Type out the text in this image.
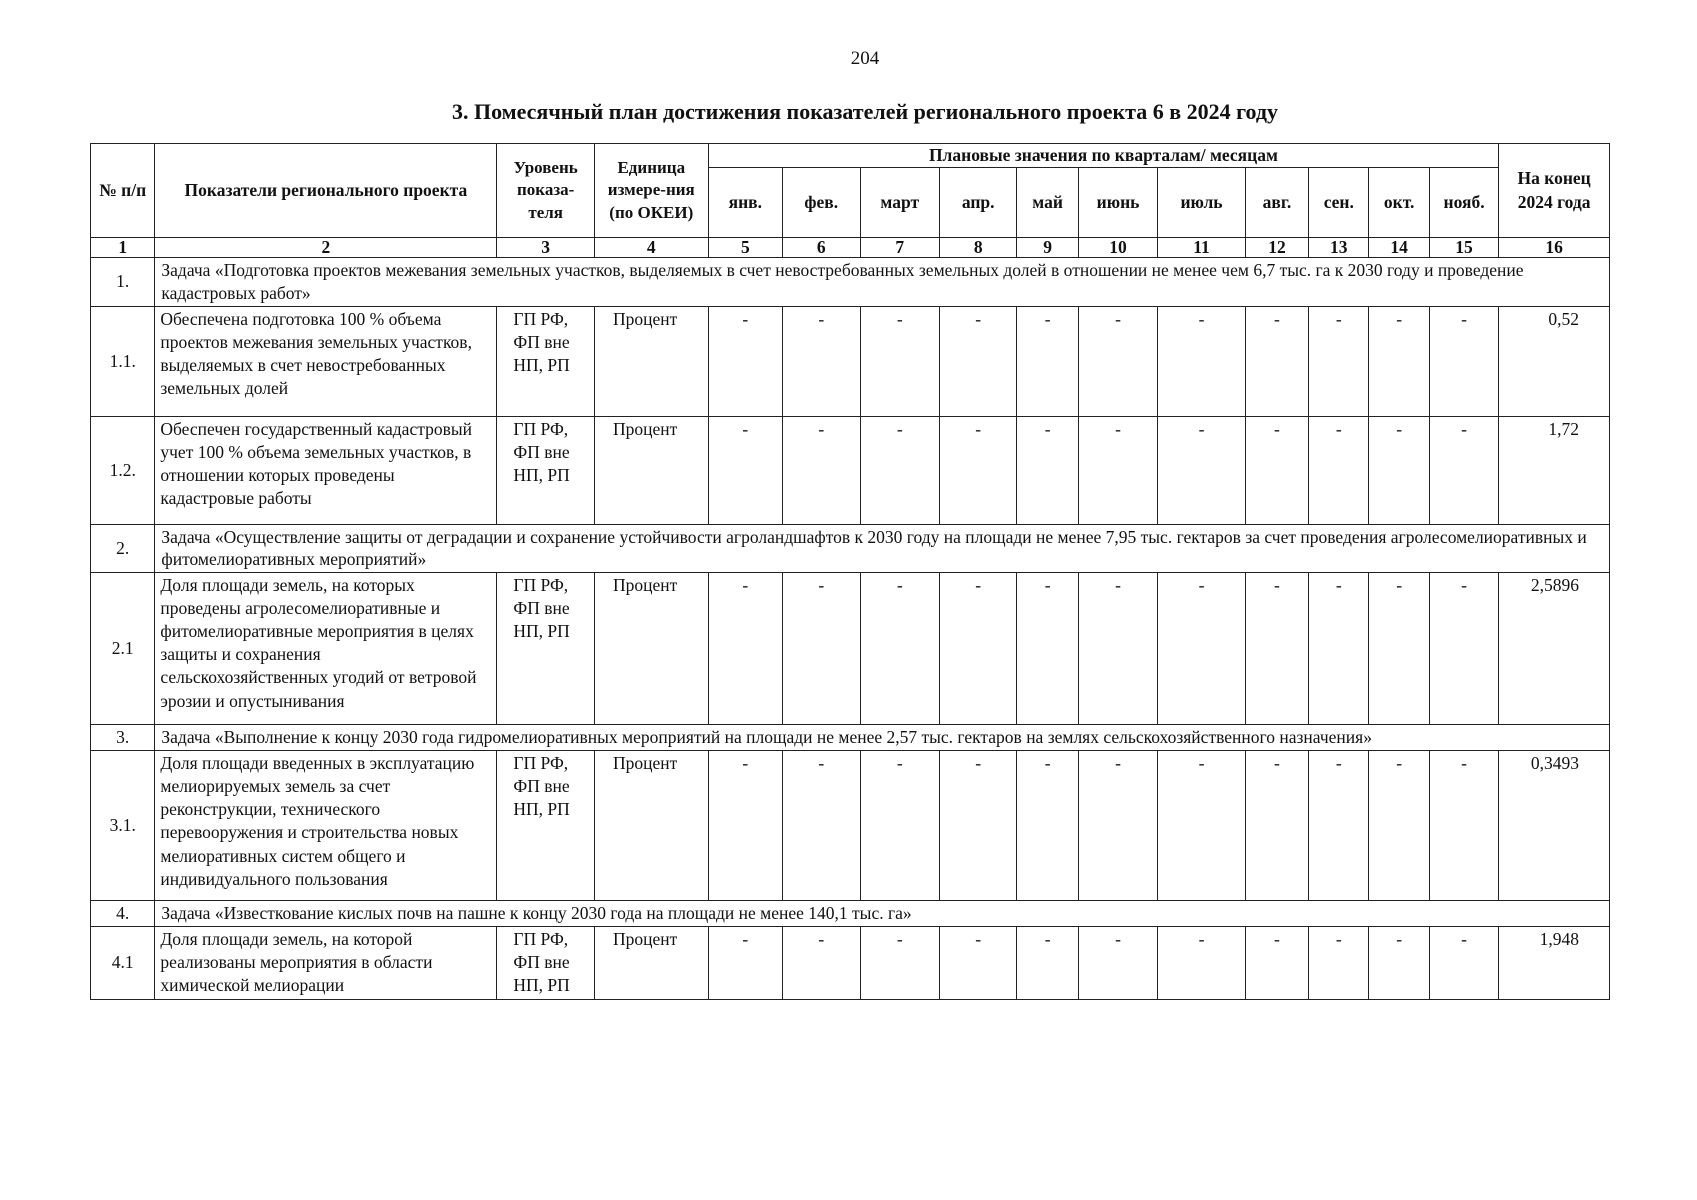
204
3. Помесячный план достижения показателей регионального проекта 6 в 2024 году
№ п/п	Показатели регионального проекта	Уровень показа-теля	Единица измере-ния (по ОКЕИ)	Плановые значения по кварталам/ месяцам											На конец 2024 года
				янв.	фев.	март	апр.	май	июнь	июль	авг.	сен.	окт.	нояб.	
1	2	3	4	5	6	7	8	9	10	11	12	13	14	15	16
1.	Задача «Подготовка проектов межевания земельных участков, выделяемых в счет невостребованных земельных долей в отношении не менее чем 6,7 тыс. га к 2030 году и проведение кадастровых работ»														
1.1.	Обеспечена подготовка 100 % объема проектов межевания земельных участков, выделяемых в счет невостребованных земельных долей	ГП РФ, ФП вне НП, РП	Процент	-	-	-	-	-	-	-	-	-	-	-	0,52
1.2.	Обеспечен государственный кадастровый учет 100 % объема земельных участков, в отношении которых проведены кадастровые работы	ГП РФ, ФП вне НП, РП	Процент	-	-	-	-	-	-	-	-	-	-	-	1,72
2.	Задача «Осуществление защиты от деградации и сохранение устойчивости агроландшафтов к 2030 году на площади не менее 7,95 тыс. гектаров за счет проведения агролесомелиоративных и фитомелиоративных мероприятий»														
2.1	Доля площади земель, на которых проведены агролесомелиоративные и фитомелиоративные мероприятия в целях защиты и сохранения сельскохозяйственных угодий от ветровой эрозии и опустынивания	ГП РФ, ФП вне НП, РП	Процент	-	-	-	-	-	-	-	-	-	-	-	2,5896
3.	Задача «Выполнение к концу 2030 года гидромелиоративных мероприятий на площади не менее 2,57 тыс. гектаров на землях сельскохозяйственного назначения»														
3.1.	Доля площади введенных в эксплуатацию мелиорируемых земель за счет реконструкции, технического перевооружения и строительства новых мелиоративных систем общего и индивидуального пользования	ГП РФ, ФП вне НП, РП	Процент	-	-	-	-	-	-	-	-	-	-	-	0,3493
4.	Задача «Известкование кислых почв на пашне к концу 2030 года на площади не менее 140,1 тыс. га»														
4.1	Доля площади земель, на которой реализованы мероприятия в области химической мелиорации	ГП РФ, ФП вне НП, РП	Процент	-	-	-	-	-	-	-	-	-	-	-	1,948
